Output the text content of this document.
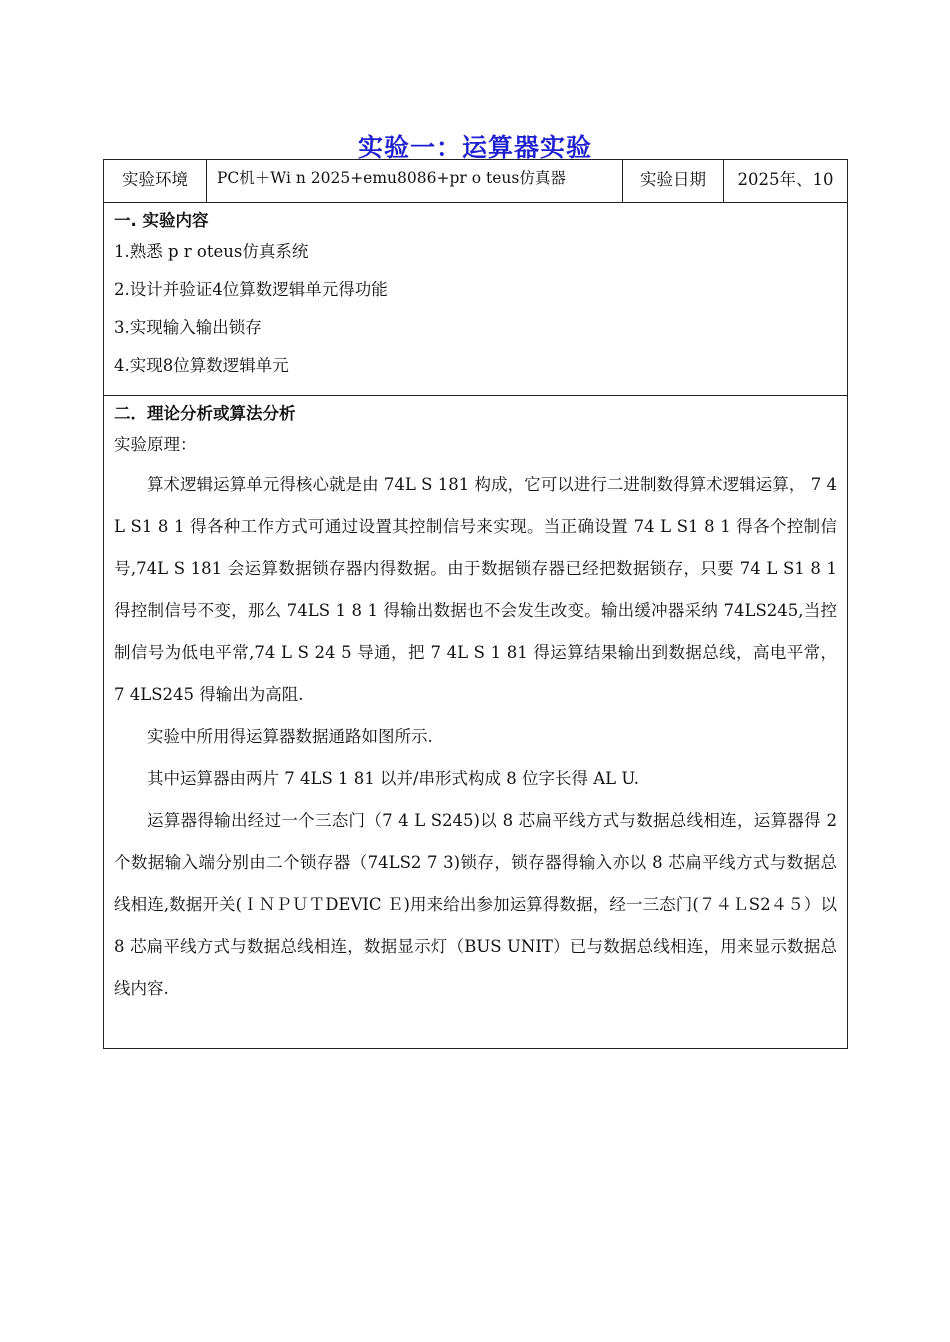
实验一：运算器实验
实验环境	PC机＋Wi n 2025+emu8086+pr o teus仿真器	实验日期	2025年、10

一. 实验内容
1.熟悉 p r oteus仿真系统
2.设计并验证4位算数逻辑单元得功能
3.实现输入输出锁存
4.实现8位算数逻辑单元

二．理论分析或算法分析

实验原理：

算术逻辑运算单元得核心就是由 74L S 181 构成，它可以进行二进制数得算术逻辑运算， 7 4 L S1 8 1 得各种工作方式可通过设置其控制信号来实现。当正确设置 74 L S1 8 1 得各个控制信号,74L S 181 会运算数据锁存器内得数据。由于数据锁存器已经把数据锁存，只要 74 L S1 8 1 得控制信号不变，那么 74LS 1 8 1 得输出数据也不会发生改变。输出缓冲器采纳 74LS245,当控制信号为低电平常,74 L S 24 5 导通，把 7 4L S 1 81 得运算结果输出到数据总线，高电平常， 7 4LS245 得输出为高阻.

实验中所用得运算器数据通路如图所示.

其中运算器由两片 7 4LS 1 81 以并/串形式构成 8 位字长得 AL U.

运算器得输出经过一个三态门（7 4 L S245)以 8 芯扁平线方式与数据总线相连，运算器得 2 个数据输入端分别由二个锁存器（74LS2 7 3)锁存，锁存器得输入亦以 8 芯扁平线方式与数据总线相连,数据开关(ＩＮＰＵＴDEVIC Ｅ)用来给出参加运算得数据，经一三态门(７４ＬS2４５）以 8 芯扁平线方式与数据总线相连，数据显示灯（BUS UNIT）已与数据总线相连，用来显示数据总线内容.
